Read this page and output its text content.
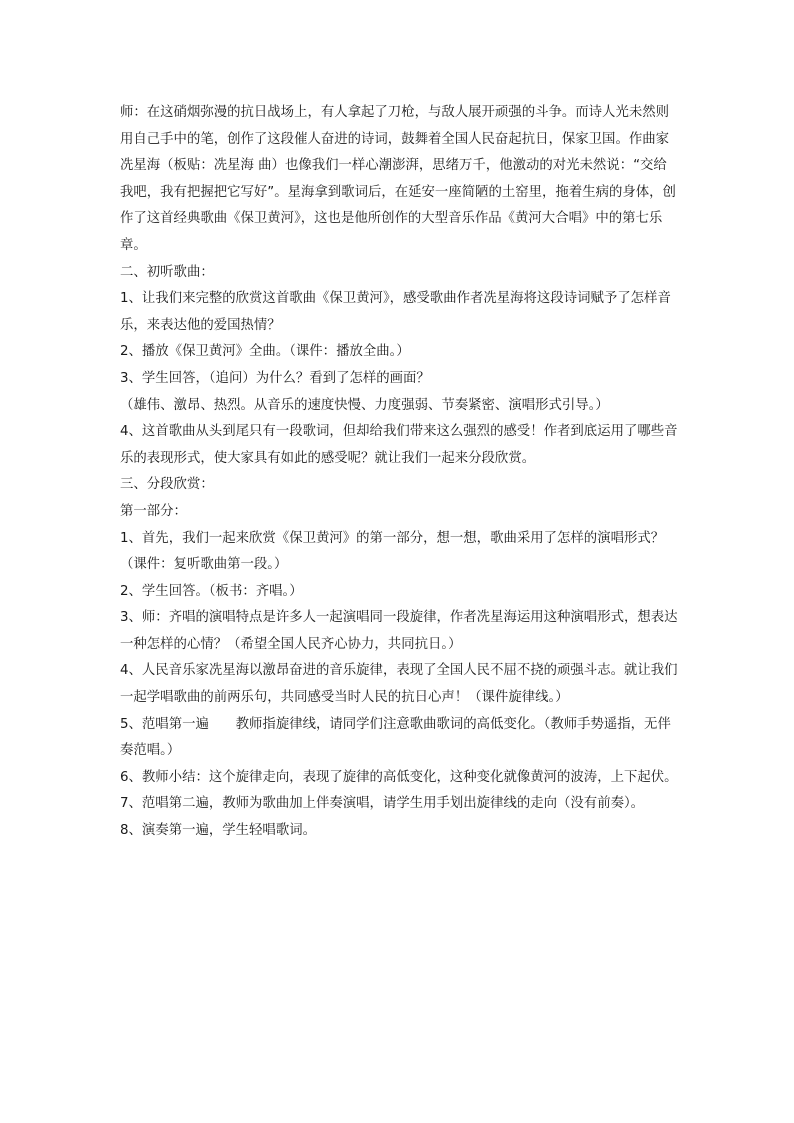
师：在这硝烟弥漫的抗日战场上，有人拿起了刀枪，与敌人展开顽强的斗争。而诗人光未然则用自己手中的笔，创作了这段催人奋进的诗词，鼓舞着全国人民奋起抗日，保家卫国。作曲家冼星海（板贴：冼星海 曲）也像我们一样心潮澎湃，思绪万千，他激动的对光未然说：“交给我吧，我有把握把它写好”。星海拿到歌词后，在延安一座简陋的土窑里，拖着生病的身体，创作了这首经典歌曲《保卫黄河》，这也是他所创作的大型音乐作品《黄河大合唱》中的第七乐章。

二、初听歌曲：

1、让我们来完整的欣赏这首歌曲《保卫黄河》，感受歌曲作者冼星海将这段诗词赋予了怎样音乐，来表达他的爱国热情？

2、播放《保卫黄河》全曲。（课件：播放全曲。）

3、学生回答，（追问）为什么？看到了怎样的画面？

（雄伟、激昂、热烈。从音乐的速度快慢、力度强弱、节奏紧密、演唱形式引导。）

4、这首歌曲从头到尾只有一段歌词，但却给我们带来这么强烈的感受！作者到底运用了哪些音乐的表现形式，使大家具有如此的感受呢？就让我们一起来分段欣赏。

三、分段欣赏：

第一部分：

1、首先，我们一起来欣赏《保卫黄河》的第一部分，想一想，歌曲采用了怎样的演唱形式？（课件：复听歌曲第一段。）

2、学生回答。（板书：齐唱。）

3、师：齐唱的演唱特点是许多人一起演唱同一段旋律，作者冼星海运用这种演唱形式，想表达一种怎样的心情？（希望全国人民齐心协力，共同抗日。）

4、人民音乐家冼星海以激昂奋进的音乐旋律，表现了全国人民不屈不挠的顽强斗志。就让我们一起学唱歌曲的前两乐句，共同感受当时人民的抗日心声！（课件旋律线。）

5、范唱第一遍　　教师指旋律线，请同学们注意歌曲歌词的高低变化。（教师手势遥指，无伴奏范唱。）

6、教师小结：这个旋律走向，表现了旋律的高低变化，这种变化就像黄河的波涛，上下起伏。

7、范唱第二遍，教师为歌曲加上伴奏演唱，请学生用手划出旋律线的走向（没有前奏）。

8、演奏第一遍，学生轻唱歌词。
